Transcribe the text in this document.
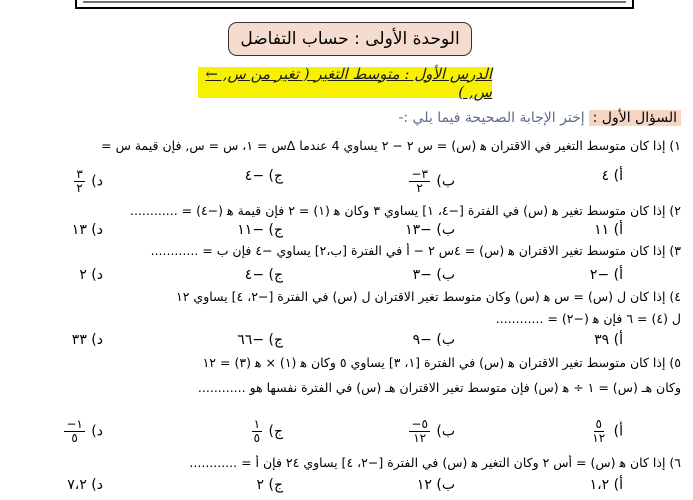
الوحدة الأولى : حساب التفاضل
الدرس الأول : متوسط التغير ( تغير من س, ← س, )
السؤال الأول :
إختر الإجابة الصحيحة فيما يلي :-
١) إذا كان متوسط التغير في الاقتران ﻫ (س) = س ٢ − ٢ يساوي 4 عندما Δس = ١، س = س, فإن قيمة س =
أ) ٤
ب)
$\frac{٣-}{٢}$
ج) −٤
د)
$\frac{٣}{٢}$
٢) إذا كان متوسط تغير ﻫ (س) في الفترة [−٤، ١] يساوي ٣ وكان ﻫ (١) = ٢ فإن قيمة ﻫ (−٤) = ............
أ) ١١
ب) −١٣
ج) −١١
د) ١٣
٣) إذا كان متوسط تغير الاقتران ﻫ (س) = ٤س ٢ − أ في الفترة [ب،٢] يساوي −٤ فإن ب = ............
أ) −٢
ب) −٣
ج) −٤
د) ٢
٤) إذا كان ل (س) = س ﻫ (س) وكان متوسط تغير الاقتران ل (س) في الفترة [−٢، ٤] يساوي ١٢
ل (٤) = ٦ فإن ﻫ (−٢) = ............
أ) ٣٩
ب) −٩
ج) −٦٦
د) ٣٣
٥) إذا كان متوسط تغير الاقتران ﻫ (س) في الفترة [١، ٣] يساوي ٥ وكان ﻫ (١) × ﻫ (٣) = ١٢
وكان ﻫـ (س) = ١ ÷ ﻫ (س) فإن متوسط تغير الاقتران ﻫـ (س) في الفترة نفسها هو ............
أ)
$\frac{٥}{١٢}$
ب)
$\frac{٥-}{١٢}$
ج)
$\frac{١}{٥}$
د)
$\frac{١-}{٥}$
٦) إذا كان ﻫ (س) = أس ٢ وكان التغير ﻫ (س) في الفترة [−٢، ٤] يساوي ٢٤ فإن أ = ............
أ) ١،٢
ب) ١٢
ج) ٢
د) ٧،٢
